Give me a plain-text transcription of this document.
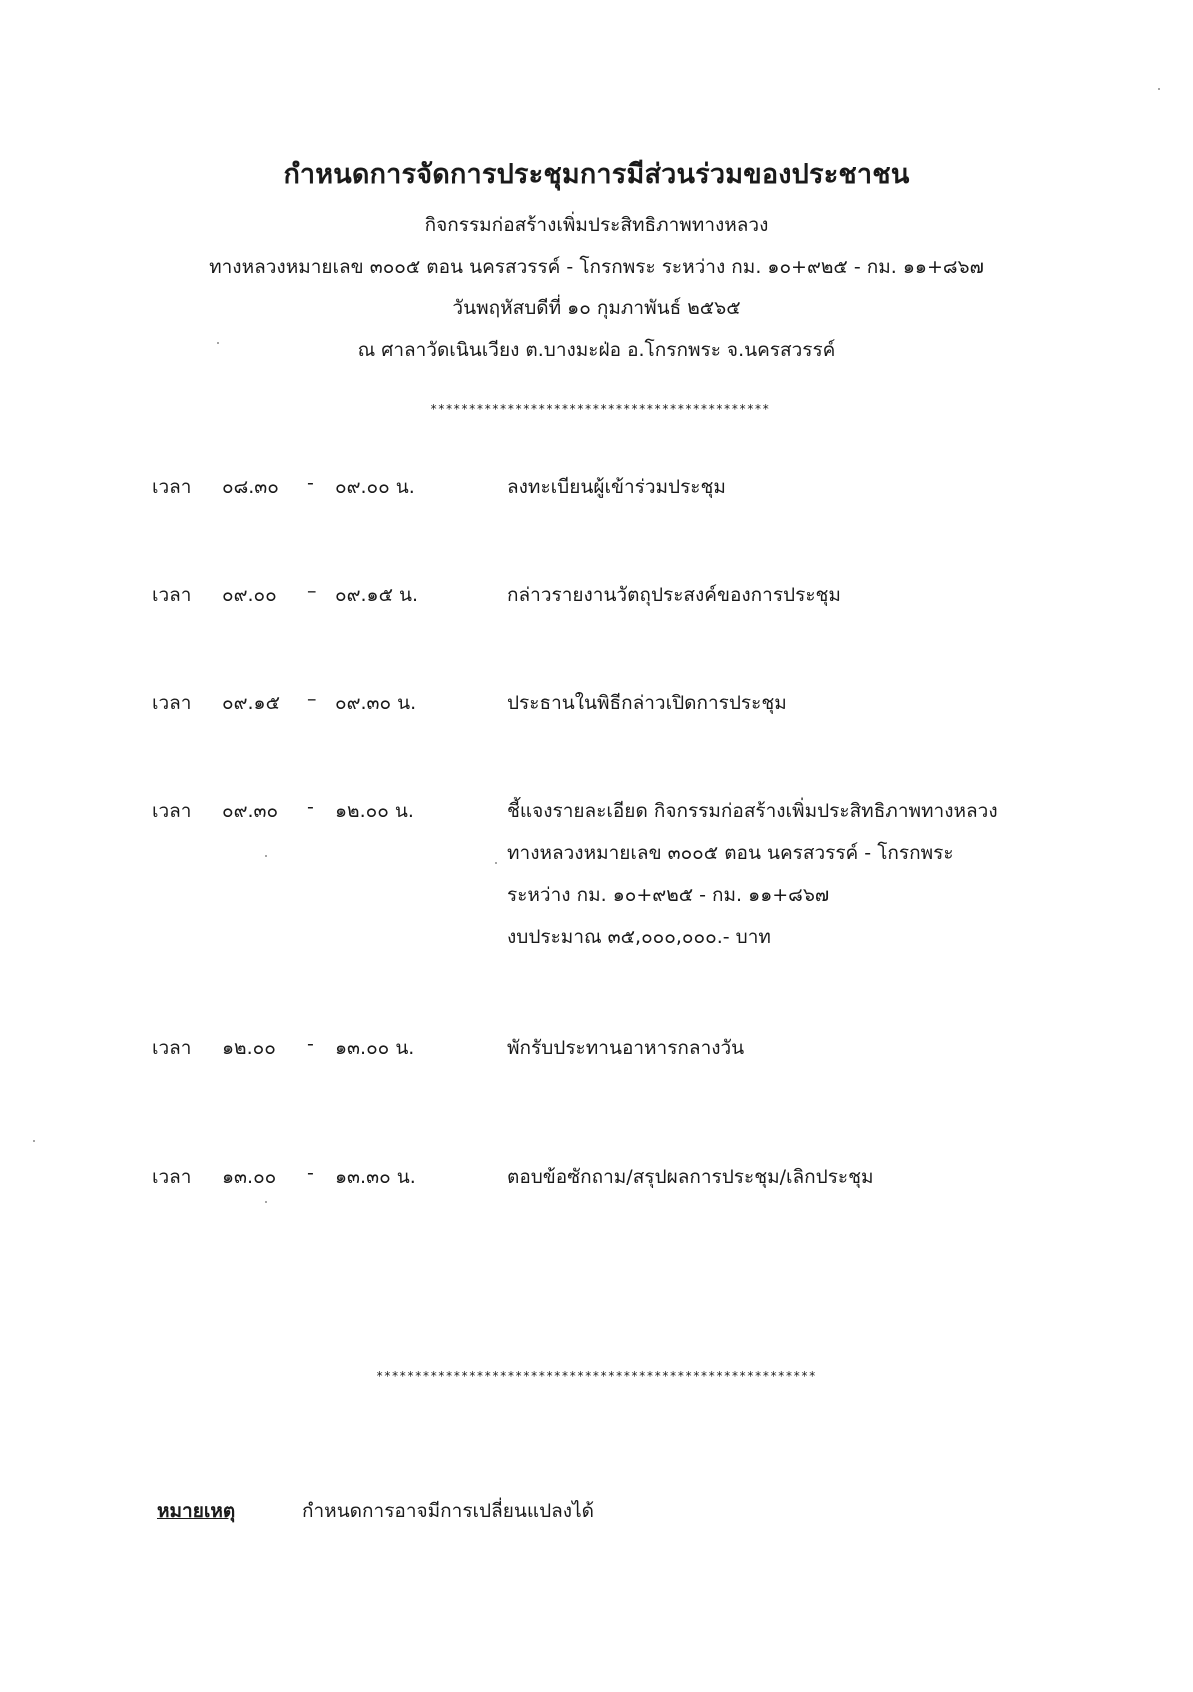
กำหนดการจัดการประชุมการมีส่วนร่วมของประชาชน
กิจกรรมก่อสร้างเพิ่มประสิทธิภาพทางหลวง
ทางหลวงหมายเลข ๓๐๐๕ ตอน นครสวรรค์ - โกรกพระ ระหว่าง กม. ๑๐+๙๒๕ - กม. ๑๑+๘๖๗
วันพฤหัสบดีที่ ๑๐ กุมภาพันธ์ ๒๕๖๕
ณ ศาลาวัดเนินเวียง ต.บางมะฝ่อ อ.โกรกพระ จ.นครสวรรค์
********************************************
เวลา ๐๘.๓๐ - ๐๙.๐๐ น.	ลงทะเบียนผู้เข้าร่วมประชุม
เวลา ๐๙.๐๐ – ๐๙.๑๕ น.	กล่าวรายงานวัตถุประสงค์ของการประชุม
เวลา ๐๙.๑๕ – ๐๙.๓๐ น.	ประธานในพิธีกล่าวเปิดการประชุม
เวลา ๐๙.๓๐ - ๑๒.๐๐ น.	ชี้แจงรายละเอียด กิจกรรมก่อสร้างเพิ่มประสิทธิภาพทางหลวง
ทางหลวงหมายเลข ๓๐๐๕ ตอน นครสวรรค์ - โกรกพระ
ระหว่าง กม. ๑๐+๙๒๕ - กม. ๑๑+๘๖๗
งบประมาณ ๓๕,๐๐๐,๐๐๐.- บาท
เวลา ๑๒.๐๐ - ๑๓.๐๐ น.	พักรับประทานอาหารกลางวัน
เวลา ๑๓.๐๐ - ๑๓.๓๐ น.	ตอบข้อซักถาม/สรุปผลการประชุม/เลิกประชุม
*********************************************************
หมายเหตุ	กำหนดการอาจมีการเปลี่ยนแปลงได้
